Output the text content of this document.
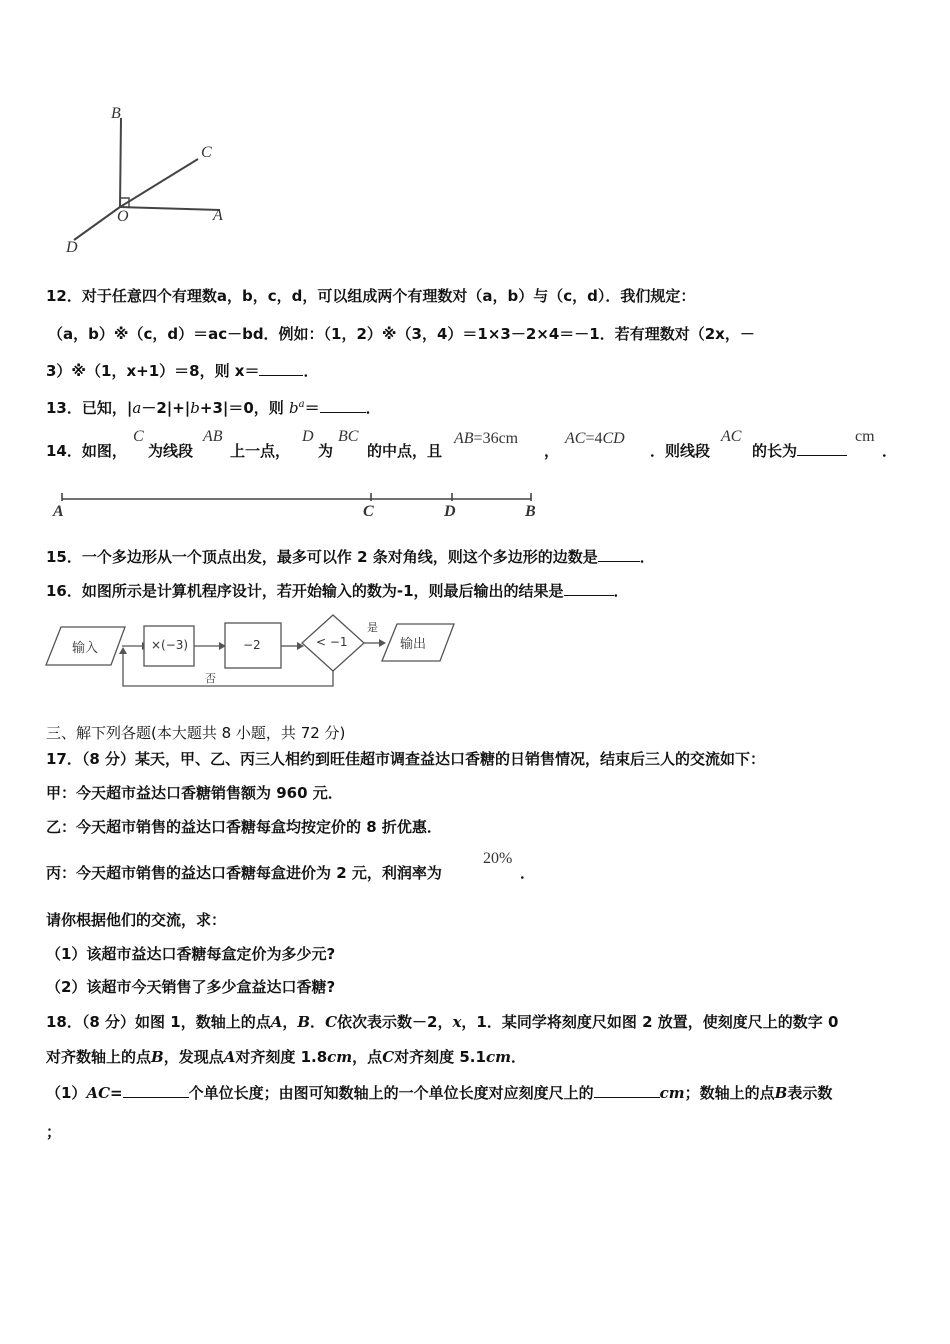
B
C
O	A
D
12．对于任意四个有理数a，b，c，d，可以组成两个有理数对（a，b）与（c，d）．我们规定：
（a，b）※（c，d）＝ac－bd．例如：（1，2）※（3，4）＝1×3－2×4＝－1．若有理数对（2x，－
3）※（1，x+1）＝8，则 x＝	．
13．已知，|a－2|+|b+3|＝0，则 $b^a=$	．
14．如图，
C
为线段
AB
上一点，
D
为
BC
的中点，且
AB=36cm
，
AC=4CD
．则线段
AC
的长为
cm
．
A	C	D	B
15．一个多边形从一个顶点出发，最多可以作 2 条对角线，则这个多边形的边数是	．
16．如图所示是计算机程序设计，若开始输入的数为-1，则最后输出的结果是	．
输入	×(−3)	−2	< −1
是
输出
否
三、解下列各题(本大题共 8 小题，共 72 分)
17．（8 分）某天，甲、乙、丙三人相约到旺佳超市调查益达口香糖的日销售情况，结束后三人的交流如下：
甲：今天超市益达口香糖销售额为 960 元．
乙：今天超市销售的益达口香糖每盒均按定价的 8 折优惠．
丙：今天超市销售的益达口香糖每盒进价为 2 元，利润率为
20%
．
请你根据他们的交流，求：
（1）该超市益达口香糖每盒定价为多少元?
（2）该超市今天销售了多少盒益达口香糖?
18．（8 分）如图 1，数轴上的点A，B．C依次表示数－2，x，1．某同学将刻度尺如图 2 放置，使刻度尺上的数字 0
对齐数轴上的点B，发现点A对齐刻度 1.8cm，点C对齐刻度 5.1cm．
（1）AC=	个单位长度；由图可知数轴上的一个单位长度对应刻度尺上的	cm；数轴上的点B表示数
；
